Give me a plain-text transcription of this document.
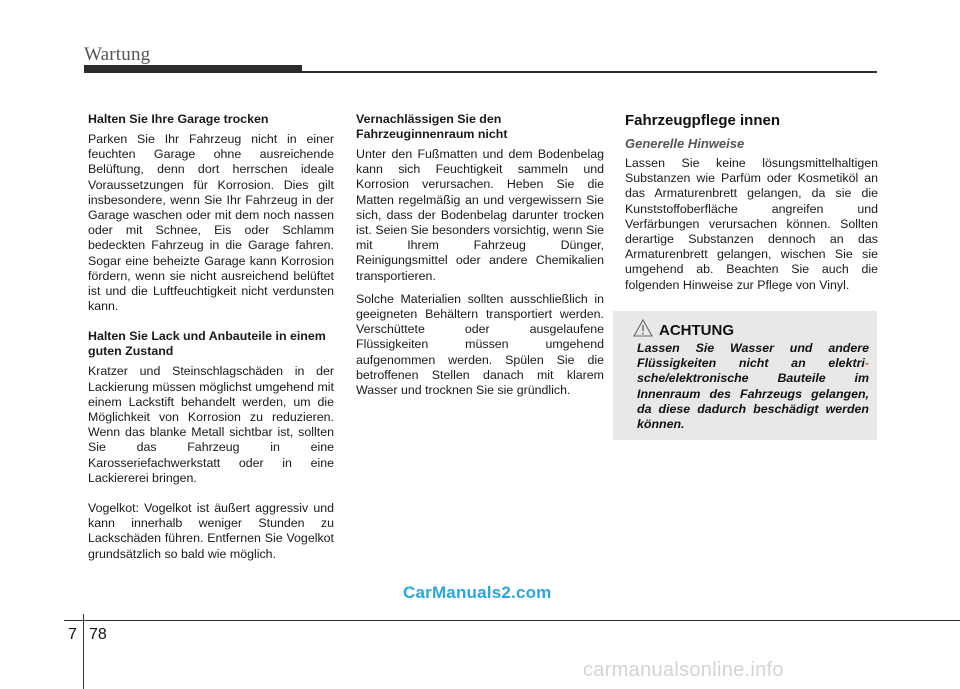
Wartung
Halten Sie Ihre Garage trocken

Parken Sie Ihr Fahrzeug nicht in einer feuchten Garage ohne ausreichende Belüftung, denn dort herrschen ideale Voraussetzungen für Korrosion. Dies gilt insbesondere, wenn Sie Ihr Fahrzeug in der Garage waschen oder mit dem noch nassen oder mit Schnee, Eis oder Schlamm bedeckten Fahrzeug in die Garage fahren. Sogar eine beheizte Garage kann Korrosion fördern, wenn sie nicht ausreichend belüftet ist und die Luftfeuchtigkeit nicht verdunsten kann.

Halten Sie Lack und Anbauteile in einem guten Zustand

Kratzer und Steinschlagschäden in der Lackierung müssen möglichst umgehend mit einem Lackstift behandelt werden, um die Möglichkeit von Korrosion zu reduzieren. Wenn das blanke Metall sichtbar ist, sollten Sie das Fahrzeug in eine Karosseriefachwerkstatt oder in eine Lackiererei bringen.

Vogelkot: Vogelkot ist äußert aggressiv und kann innerhalb weniger Stunden zu Lackschäden führen. Entfernen Sie Vogelkot grundsätzlich so bald wie möglich.

Vernachlässigen Sie den Fahrzeuginnenraum nicht

Unter den Fußmatten und dem Bodenbelag kann sich Feuchtigkeit sammeln und Korrosion verursachen. Heben Sie die Matten regelmäßig an und vergewissern Sie sich, dass der Bodenbelag darunter trocken ist. Seien Sie besonders vorsichtig, wenn Sie mit Ihrem Fahrzeug Dünger, Reinigungsmittel oder andere Chemikalien transportieren.

Solche Materialien sollten ausschließlich in geeigneten Behältern transportiert werden. Verschüttete oder ausgelaufene Flüssigkeiten müssen umgehend aufgenommen werden. Spülen Sie die betroffenen Stellen danach mit klarem Wasser und trocknen Sie sie gründlich.

Fahrzeugpflege innen
Generelle Hinweise

Lassen Sie keine lösungsmittelhaltigen Substanzen wie Parfüm oder Kosmetiköl an das Armaturenbrett gelangen, da sie die Kunststoffoberfläche angreifen und Verfärbungen verursachen können. Sollten derartige Substanzen dennoch an das Armaturenbrett gelangen, wischen Sie sie umgehend ab. Beachten Sie auch die folgenden Hinweise zur Pflege von Vinyl.

ACHTUNG
Lassen Sie Wasser und andere Flüssigkeiten nicht an elektri-sche/elektronische Bauteile im Innenraum des Fahrzeugs gelangen, da diese dadurch beschädigt werden können.
CarManuals2.com
7 78
carmanualsonline.info
